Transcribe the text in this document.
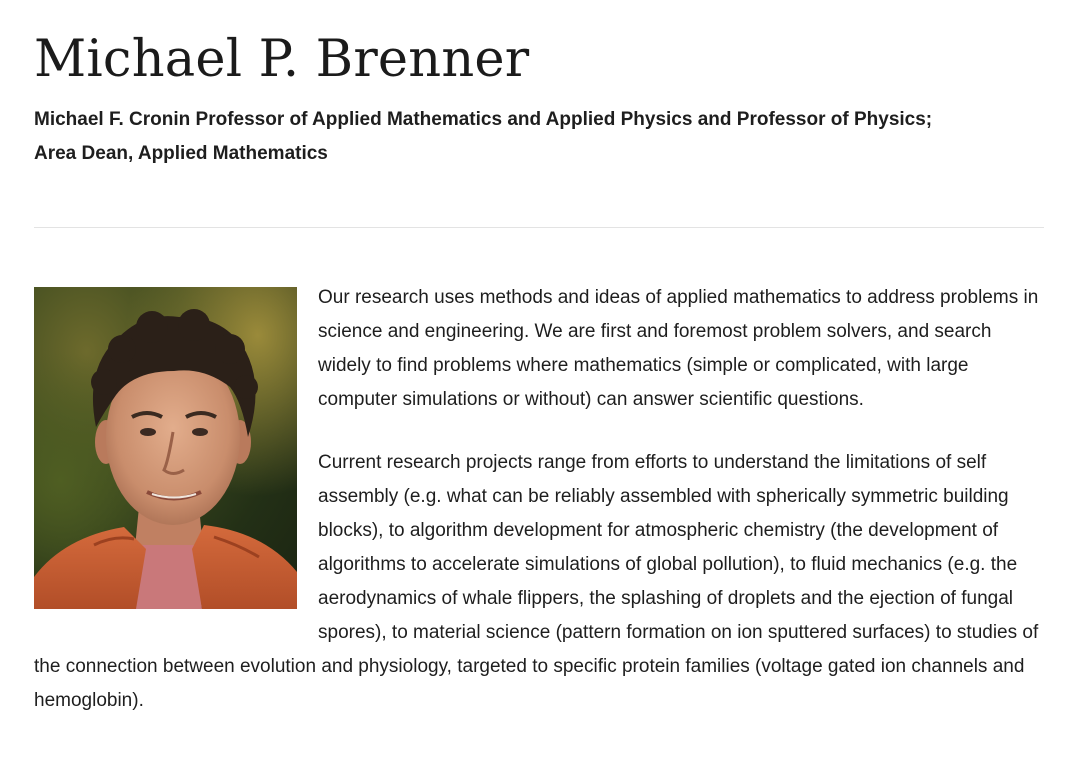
Michael P. Brenner
Michael F. Cronin Professor of Applied Mathematics and Applied Physics and Professor of Physics;
Area Dean, Applied Mathematics

Our research uses methods and ideas of applied mathematics to address problems in science and engineering. We are first and foremost problem solvers, and search widely to find problems where mathematics (simple or complicated, with large computer simulations or without) can answer scientific questions.

Current research projects range from efforts to understand the limitations of self assembly (e.g. what can be reliably assembled with spherically symmetric building blocks), to algorithm development for atmospheric chemistry (the development of algorithms to accelerate simulations of global pollution), to fluid mechanics (e.g. the aerodynamics of whale flippers, the splashing of droplets and the ejection of fungal spores), to material science (pattern formation on ion sputtered surfaces) to studies of the connection between evolution and physiology, targeted to specific protein families (voltage gated ion channels and hemoglobin).
